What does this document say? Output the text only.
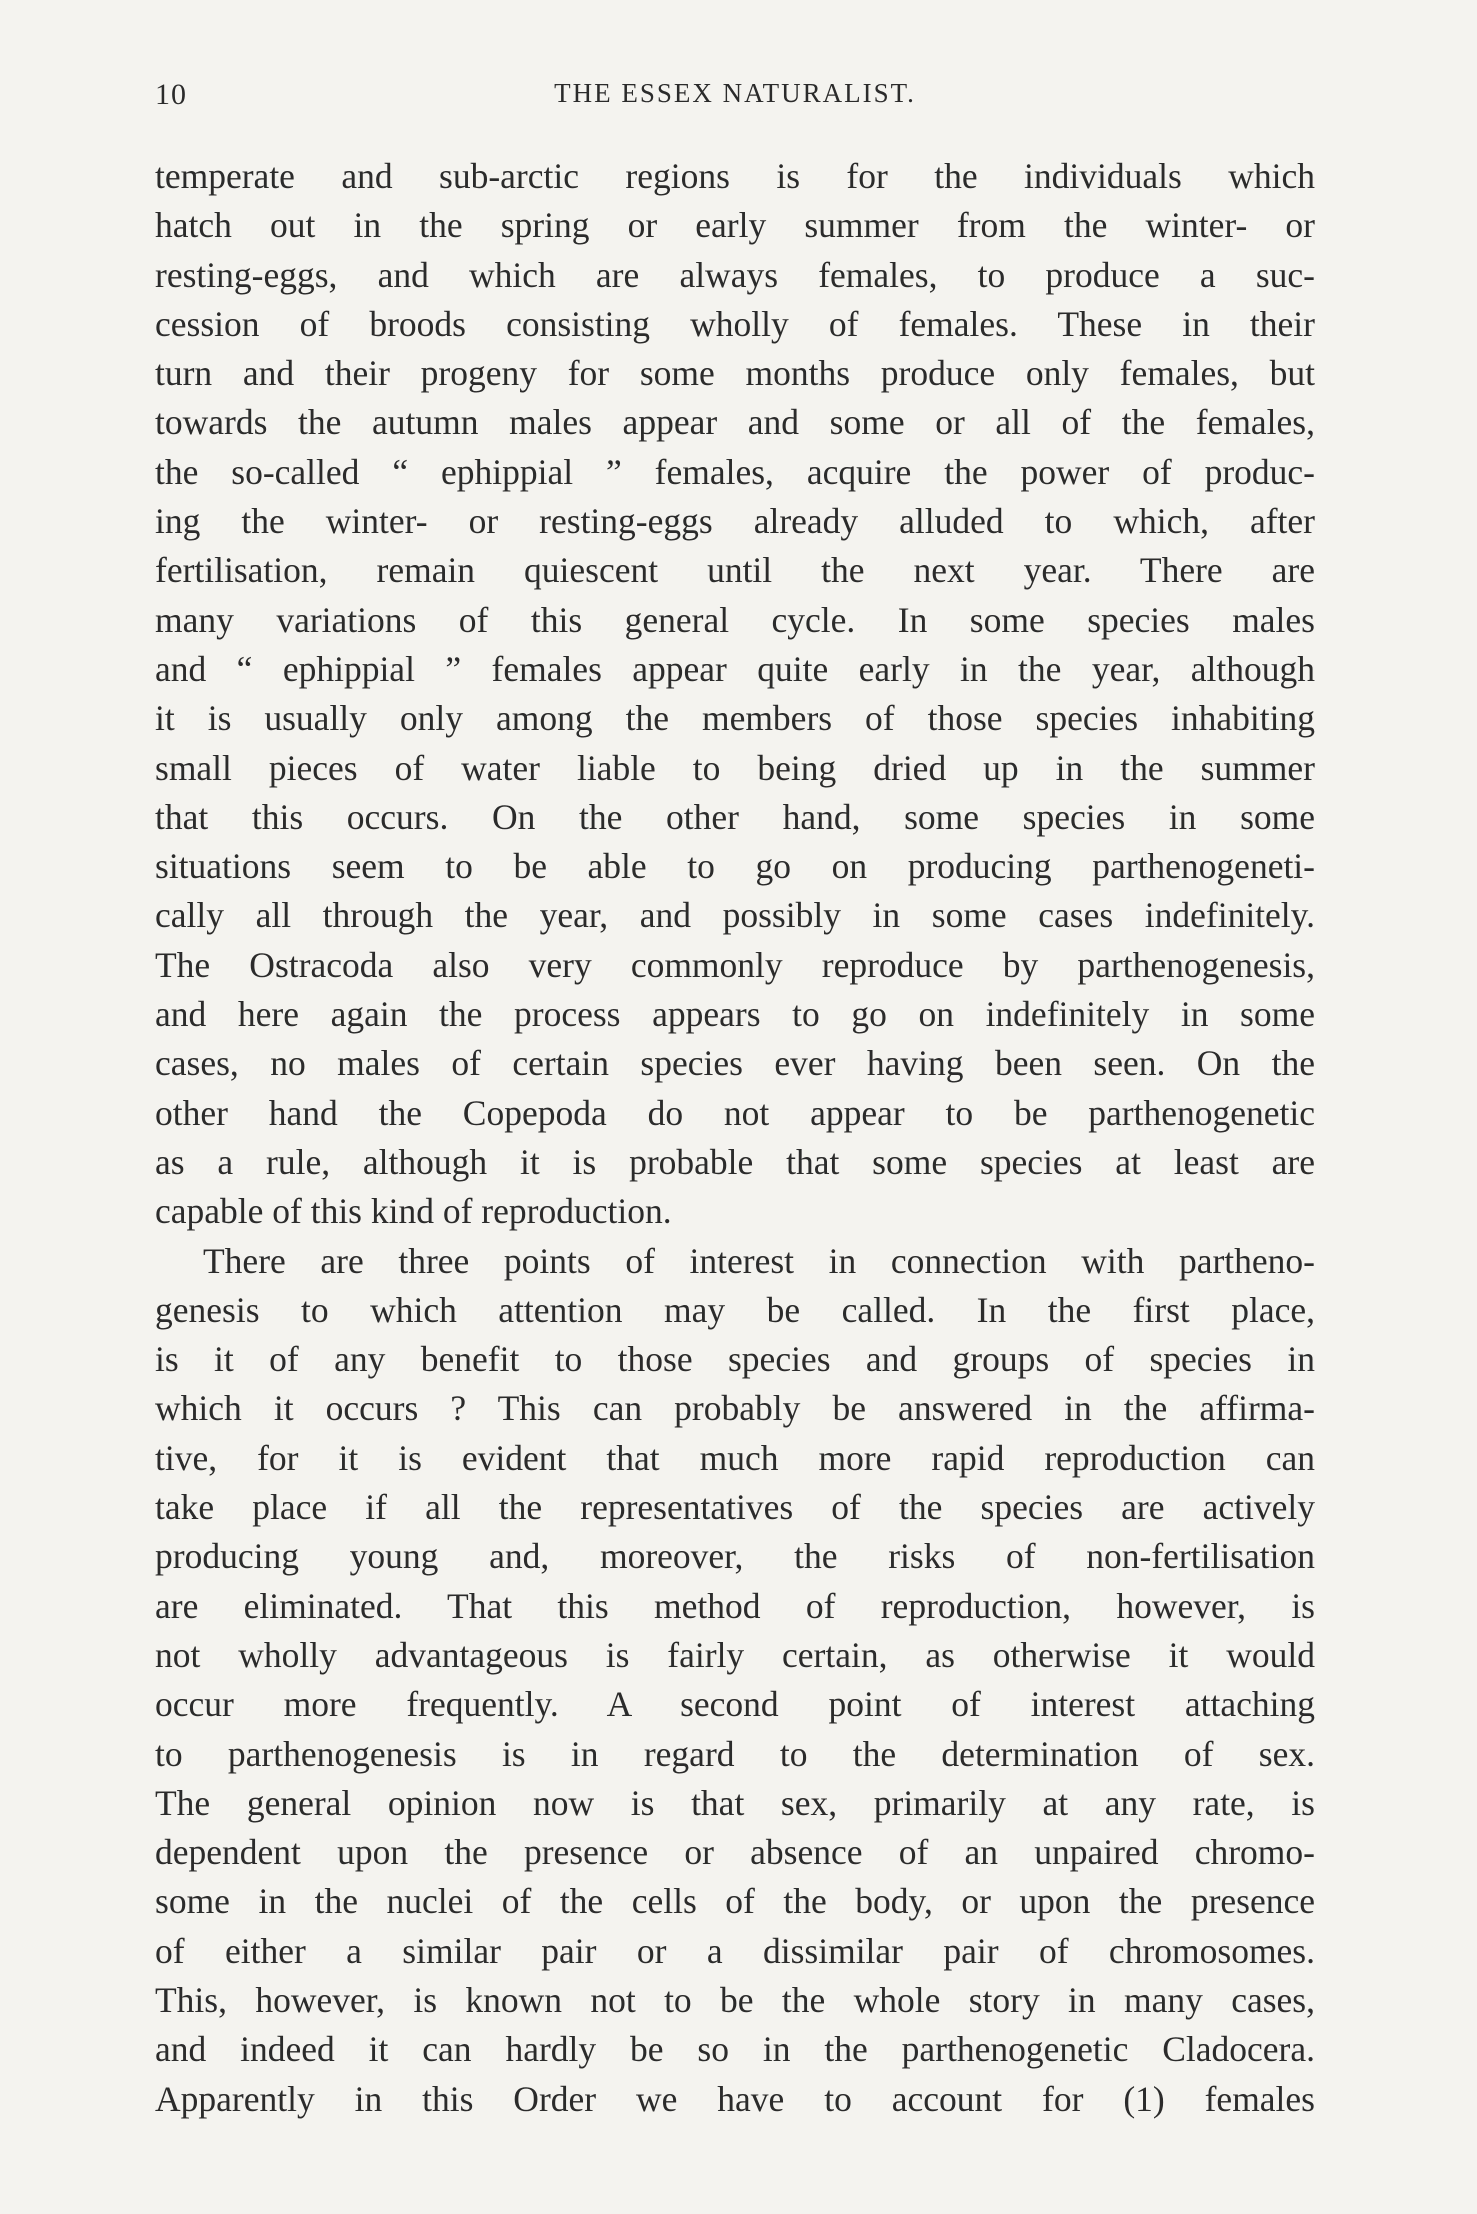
10	THE ESSEX NATURALIST.
temperate and sub-arctic regions is for the individuals which
hatch out in the spring or early summer from the winter- or
resting-eggs, and which are always females, to produce a suc-
cession of broods consisting wholly of females. These in their
turn and their progeny for some months produce only females, but
towards the autumn males appear and some or all of the females,
the so-called “ ephippial ” females, acquire the power of produc-
ing the winter- or resting-eggs already alluded to which, after
fertilisation, remain quiescent until the next year. There are
many variations of this general cycle. In some species males
and “ ephippial ” females appear quite early in the year, although
it is usually only among the members of those species inhabiting
small pieces of water liable to being dried up in the summer
that this occurs. On the other hand, some species in some
situations seem to be able to go on producing parthenogeneti-
cally all through the year, and possibly in some cases indefinitely.
The Ostracoda also very commonly reproduce by parthenogenesis,
and here again the process appears to go on indefinitely in some
cases, no males of certain species ever having been seen. On the
other hand the Copepoda do not appear to be parthenogenetic
as a rule, although it is probable that some species at least are
capable of this kind of reproduction.
There are three points of interest in connection with partheno-
genesis to which attention may be called. In the first place,
is it of any benefit to those species and groups of species in
which it occurs ? This can probably be answered in the affirma-
tive, for it is evident that much more rapid reproduction can
take place if all the representatives of the species are actively
producing young and, moreover, the risks of non-fertilisation
are eliminated. That this method of reproduction, however, is
not wholly advantageous is fairly certain, as otherwise it would
occur more frequently. A second point of interest attaching
to parthenogenesis is in regard to the determination of sex.
The general opinion now is that sex, primarily at any rate, is
dependent upon the presence or absence of an unpaired chromo-
some in the nuclei of the cells of the body, or upon the presence
of either a similar pair or a dissimilar pair of chromosomes.
This, however, is known not to be the whole story in many cases,
and indeed it can hardly be so in the parthenogenetic Cladocera.
Apparently in this Order we have to account for (1) females
